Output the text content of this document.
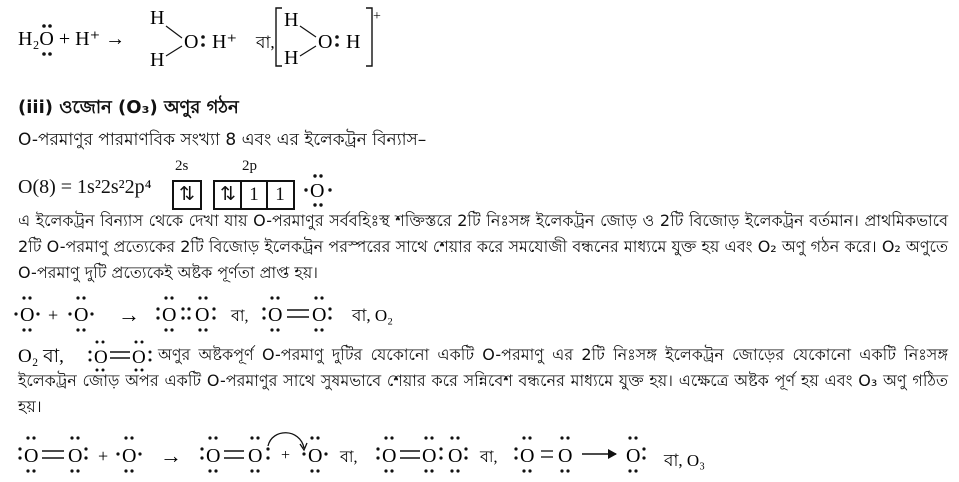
H₂O + H⁺ →
H
H
O H⁺ বা,
H
H
O H
+
(iii) ওজোন (O₃) অণুর গঠন
O-পরমাণুর পারমাণবিক সংখ্যা 8 এবং এর ইলেকট্রন বিন্যাস–
O(8) = 1s²2s²2p⁴
2s	2p
⇅ ⇅ 1 1	O
এ ইলেকট্রন বিন্যাস থেকে দেখা যায় O-পরমাণুর সর্ববহিঃস্থ শক্তিস্তরে 2টি নিঃসঙ্গ ইলেকট্রন জোড় ও 2টি বিজোড় ইলেকট্রন বর্তমান। প্রাথমিকভাবে 2টি O-পরমাণু প্রত্যেকের 2টি বিজোড় ইলেকট্রন পরস্পরের সাথে শেয়ার করে সমযোজী বন্ধনের মাধ্যমে যুক্ত হয় এবং O₂ অণু গঠন করে। O₂ অণুতে O-পরমাণু দুটি প্রত্যেকেই অষ্টক পূর্ণতা প্রাপ্ত হয়।
O + O → O O বা, O O বা, O₂
O₂ বা, O O অণুর অষ্টকপূর্ণ O-পরমাণু দুটির যেকোনো একটি O-পরমাণু এর 2টি নিঃসঙ্গ ইলেকট্রন জোড়ের যেকোনো একটি নিঃসঙ্গ ইলেকট্রন জোড় অপর একটি O-পরমাণুর সাথে সুষমভাবে শেয়ার করে সন্নিবেশ বন্ধনের মাধ্যমে যুক্ত হয়। এক্ষেত্রে অষ্টক পূর্ণ হয় এবং O₃ অণু গঠিত হয়।
O O + O → O O + O বা, O O O বা, O O	O বা, O₃
